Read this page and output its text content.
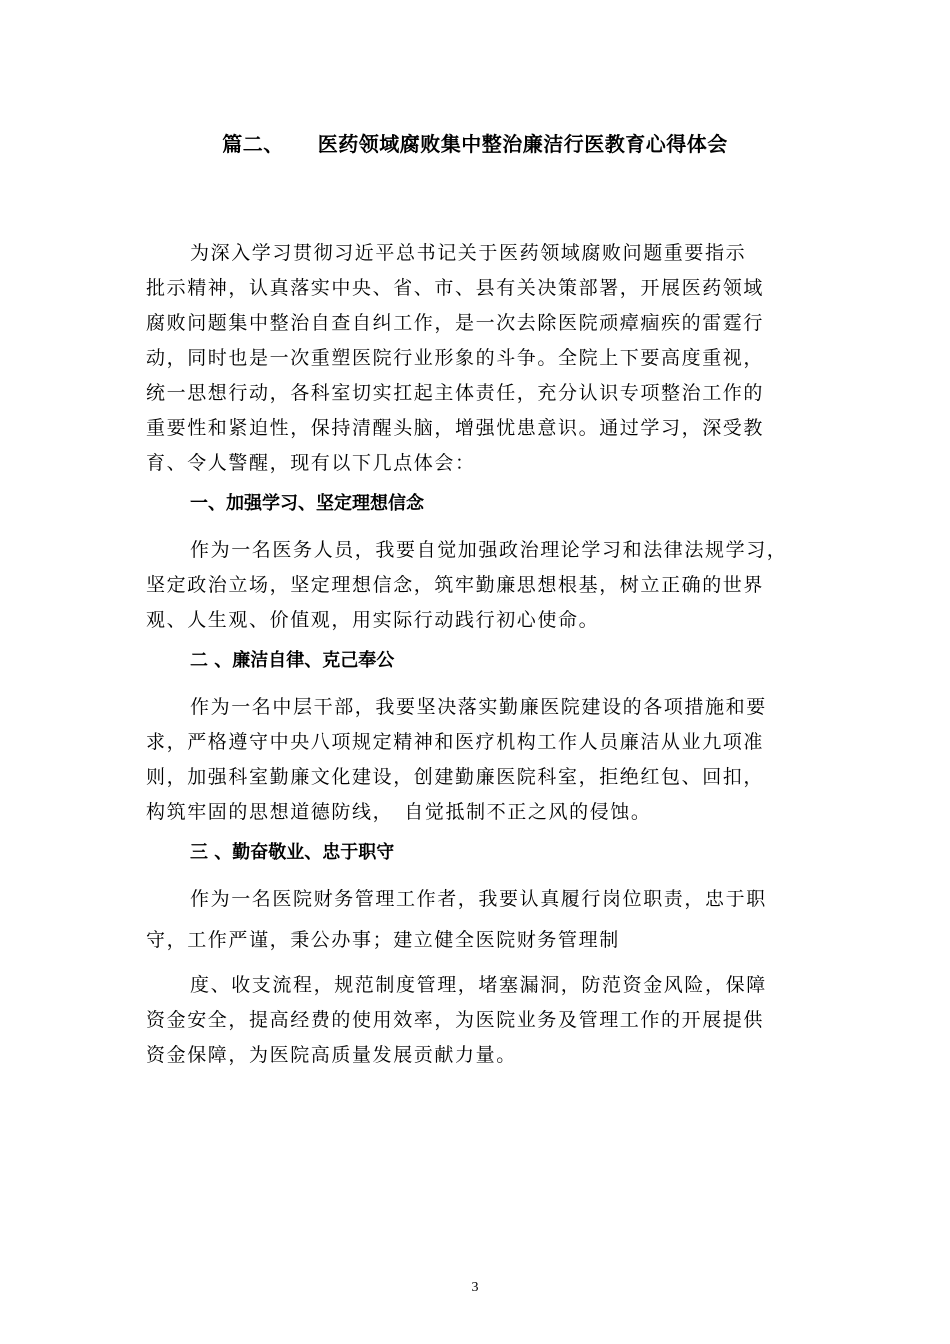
篇二、 医药领域腐败集中整治廉洁行医教育心得体会
为深入学习贯彻习近平总书记关于医药领域腐败问题重要指示
批示精神，认真落实中央、省、市、县有关决策部署，开展医药领域
腐败问题集中整治自查自纠工作，是一次去除医院顽瘴痼疾的雷霆行
动，同时也是一次重塑医院行业形象的斗争。全院上下要高度重视，
统一思想行动，各科室切实扛起主体责任，充分认识专项整治工作的
重要性和紧迫性，保持清醒头脑，增强忧患意识。通过学习，深受教
育、令人警醒，现有以下几点体会：
一、加强学习、坚定理想信念
作为一名医务人员，我要自觉加强政治理论学习和法律法规学习，
坚定政治立场，坚定理想信念，筑牢勤廉思想根基，树立正确的世界
观、人生观、价值观，用实际行动践行初心使命。
二 、廉洁自律、克己奉公
作为一名中层干部，我要坚决落实勤廉医院建设的各项措施和要
求，严格遵守中央八项规定精神和医疗机构工作人员廉洁从业九项准
则，加强科室勤廉文化建设，创建勤廉医院科室，拒绝红包、回扣，
构筑牢固的思想道德防线，　自觉抵制不正之风的侵蚀。
三 、勤奋敬业、忠于职守
作为一名医院财务管理工作者，我要认真履行岗位职责，忠于职
守，工作严谨，秉公办事；建立健全医院财务管理制
度、收支流程，规范制度管理，堵塞漏洞，防范资金风险，保障
资金安全，提高经费的使用效率，为医院业务及管理工作的开展提供
资金保障，为医院高质量发展贡献力量。
3
